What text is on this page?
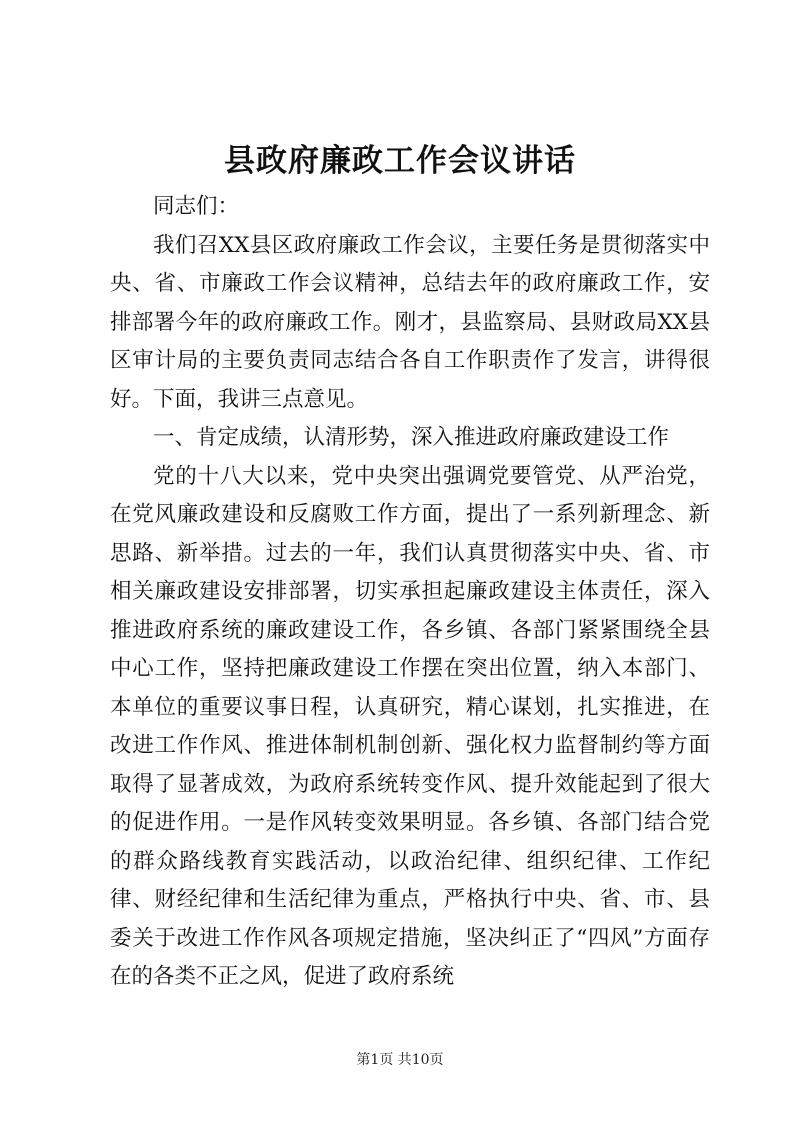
县政府廉政工作会议讲话

同志们：

我们召XX县区政府廉政工作会议，主要任务是贯彻落实中央、省、市廉政工作会议精神，总结去年的政府廉政工作，安排部署今年的政府廉政工作。刚才，县监察局、县财政局XX县区审计局的主要负责同志结合各自工作职责作了发言，讲得很好。下面，我讲三点意见。

一、肯定成绩，认清形势，深入推进政府廉政建设工作

党的十八大以来，党中央突出强调党要管党、从严治党，在党风廉政建设和反腐败工作方面，提出了一系列新理念、新思路、新举措。过去的一年，我们认真贯彻落实中央、省、市相关廉政建设安排部署，切实承担起廉政建设主体责任，深入推进政府系统的廉政建设工作，各乡镇、各部门紧紧围绕全县中心工作，坚持把廉政建设工作摆在突出位置，纳入本部门、本单位的重要议事日程，认真研究，精心谋划，扎实推进，在改进工作作风、推进体制机制创新、强化权力监督制约等方面取得了显著成效，为政府系统转变作风、提升效能起到了很大的促进作用。一是作风转变效果明显。各乡镇、各部门结合党的群众路线教育实践活动，以政治纪律、组织纪律、工作纪律、财经纪律和生活纪律为重点，严格执行中央、省、市、县委关于改进工作作风各项规定措施，坚决纠正了“四风”方面存在的各类不正之风，促进了政府系统

第1页 共10页
